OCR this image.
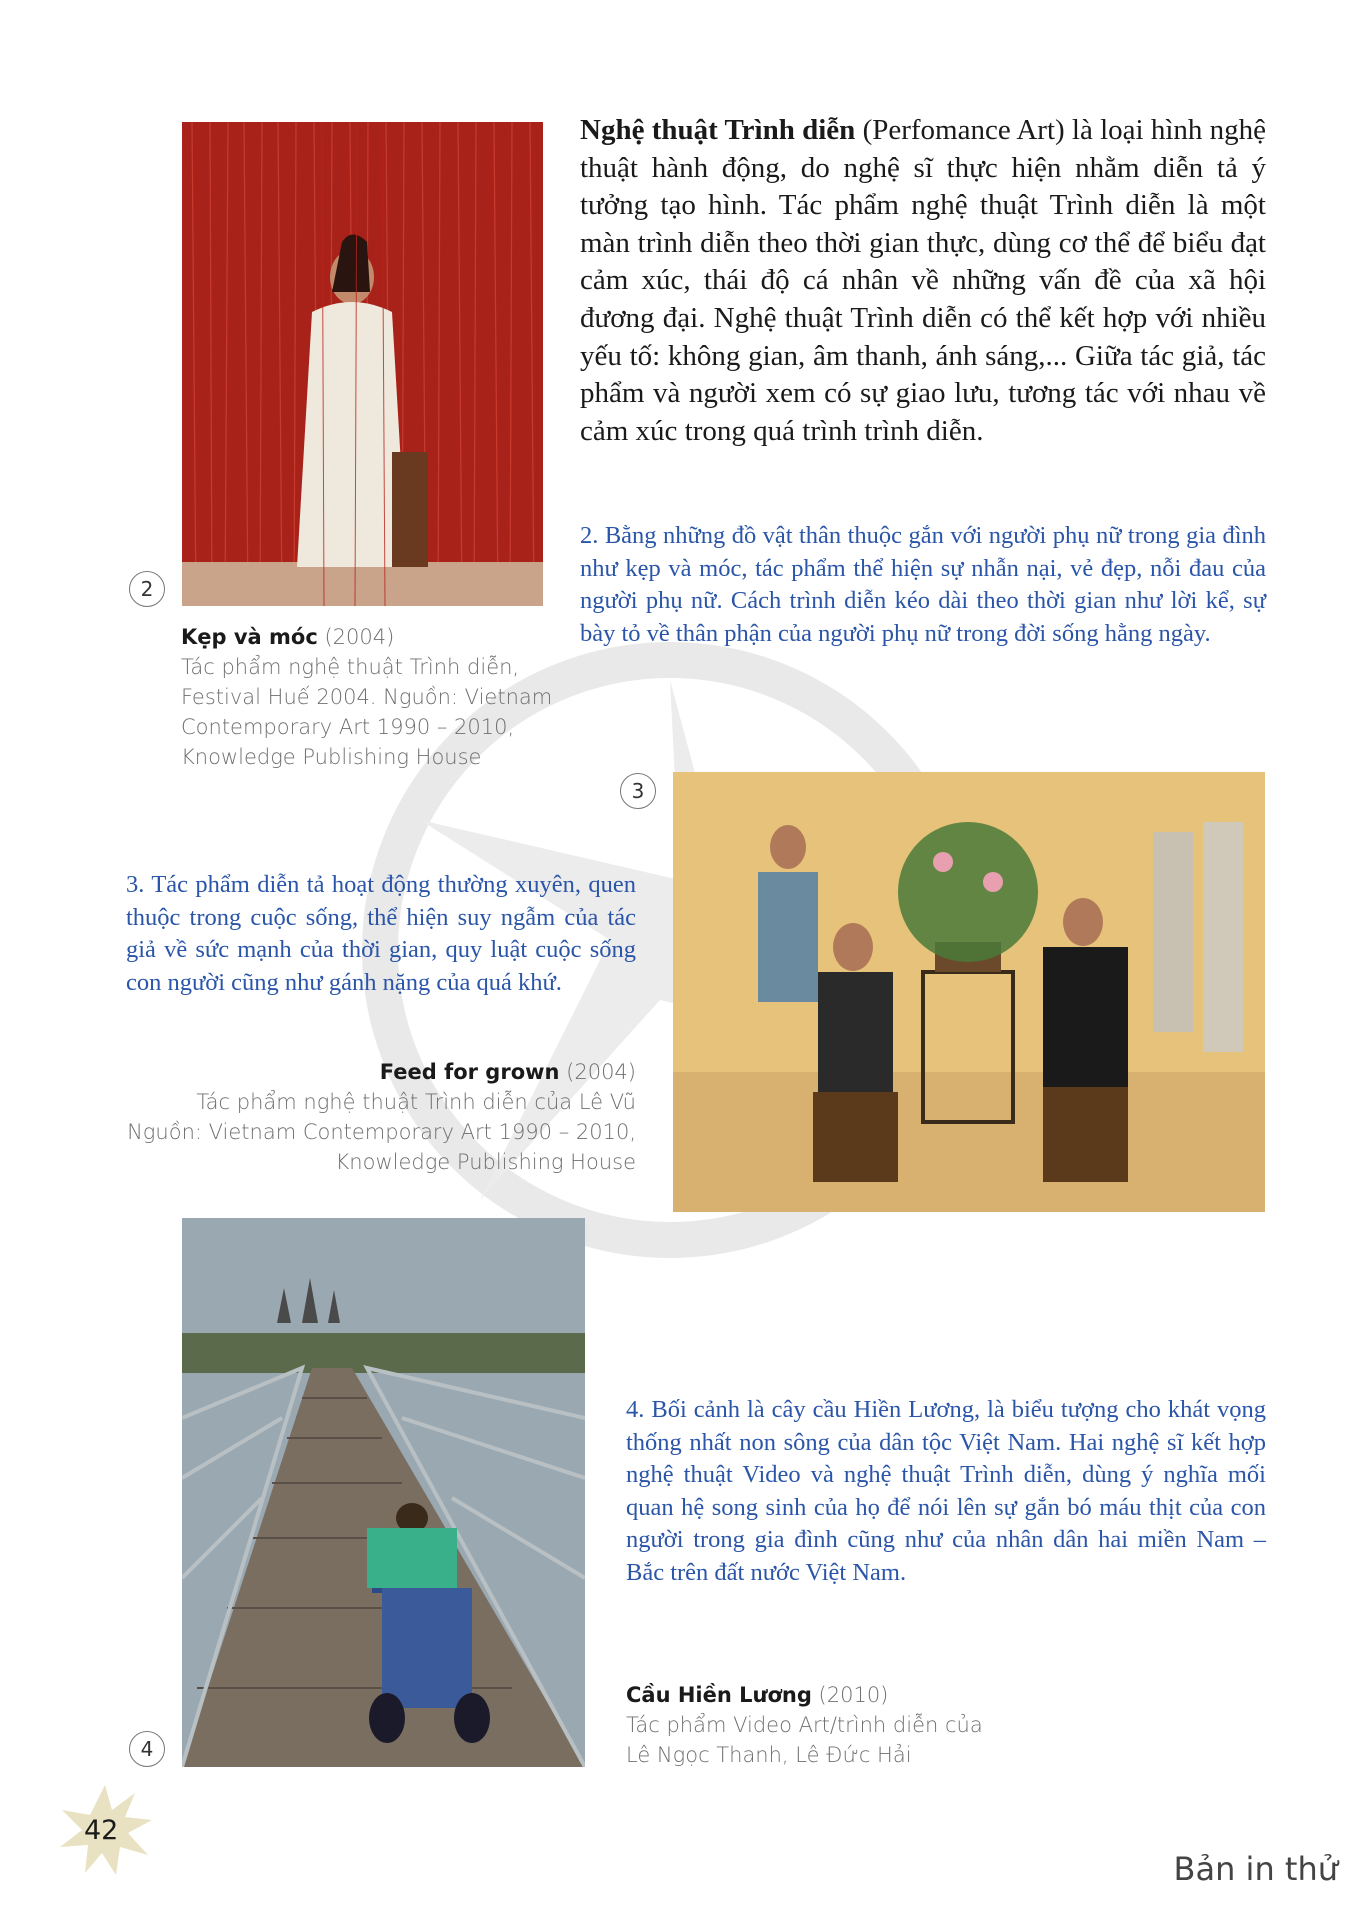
Nghệ thuật Trình diễn (Perfomance Art) là loại hình nghệ thuật hành động, do nghệ sĩ thực hiện nhằm diễn tả ý tưởng tạo hình. Tác phẩm nghệ thuật Trình diễn là một màn trình diễn theo thời gian thực, dùng cơ thể để biểu đạt cảm xúc, thái độ cá nhân về những vấn đề của xã hội đương đại. Nghệ thuật Trình diễn có thể kết hợp với nhiều yếu tố: không gian, âm thanh, ánh sáng,... Giữa tác giả, tác phẩm và người xem có sự giao lưu, tương tác với nhau về cảm xúc trong quá trình trình diễn.

2
Kẹp và móc (2004)
Tác phẩm nghệ thuật Trình diễn,
Festival Huế 2004. Nguồn: Vietnam
Contemporary Art 1990 – 2010,
Knowledge Publishing House

2. Bằng những đồ vật thân thuộc gắn với người phụ nữ trong gia đình như kẹp và móc, tác phẩm thể hiện sự nhẫn nại, vẻ đẹp, nỗi đau của người phụ nữ. Cách trình diễn kéo dài theo thời gian như lời kể, sự bày tỏ về thân phận của người phụ nữ trong đời sống hằng ngày.

3

3. Tác phẩm diễn tả hoạt động thường xuyên, quen thuộc trong cuộc sống, thể hiện suy ngẫm của tác giả về sức mạnh của thời gian, quy luật cuộc sống con người cũng như gánh nặng của quá khứ.

Feed for grown (2004)
Tác phẩm nghệ thuật Trình diễn của Lê Vũ
Nguồn: Vietnam Contemporary Art 1990 – 2010,
Knowledge Publishing House
4

4. Bối cảnh là cây cầu Hiền Lương, là biểu tượng cho khát vọng thống nhất non sông của dân tộc Việt Nam. Hai nghệ sĩ kết hợp nghệ thuật Video và nghệ thuật Trình diễn, dùng ý nghĩa mối quan hệ song sinh của họ để nói lên sự gắn bó máu thịt của con người trong gia đình cũng như của nhân dân hai miền Nam – Bắc trên đất nước Việt Nam.

Cầu Hiền Lương (2010)
Tác phẩm Video Art/trình diễn của
Lê Ngọc Thanh, Lê Đức Hải
42
Bản in thử
